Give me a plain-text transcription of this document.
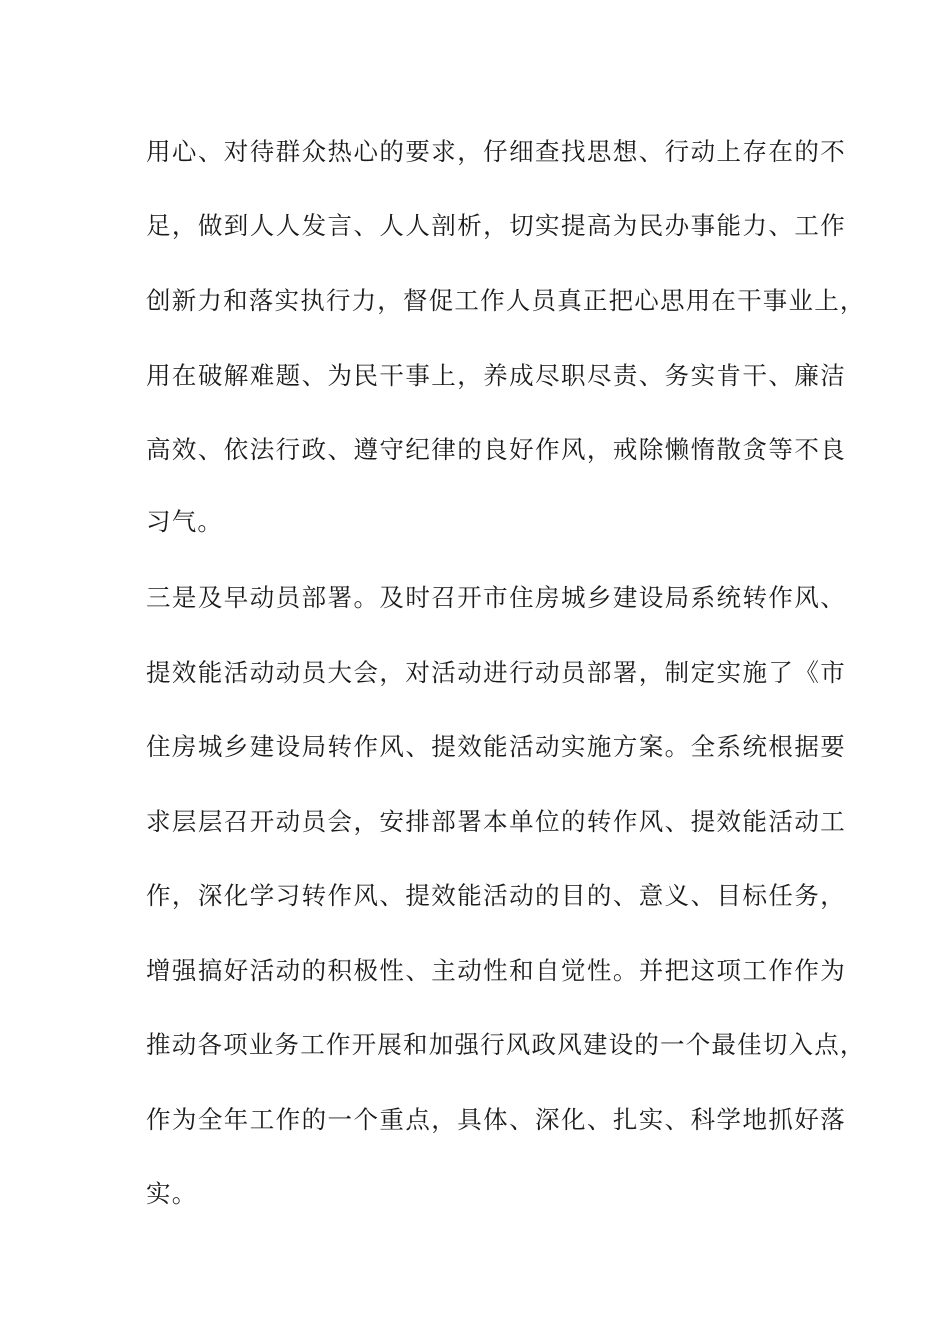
用心、对待群众热心的要求，仔细查找思想、行动上存在的不
足，做到人人发言、人人剖析，切实提高为民办事能力、工作
创新力和落实执行力，督促工作人员真正把心思用在干事业上，
用在破解难题、为民干事上，养成尽职尽责、务实肯干、廉洁
高效、依法行政、遵守纪律的良好作风，戒除懒惰散贪等不良
习气。
三是及早动员部署。及时召开市住房城乡建设局系统转作风、
提效能活动动员大会，对活动进行动员部署，制定实施了《市
住房城乡建设局转作风、提效能活动实施方案。全系统根据要
求层层召开动员会，安排部署本单位的转作风、提效能活动工
作，深化学习转作风、提效能活动的目的、意义、目标任务，
增强搞好活动的积极性、主动性和自觉性。并把这项工作作为
推动各项业务工作开展和加强行风政风建设的一个最佳切入点，
作为全年工作的一个重点，具体、深化、扎实、科学地抓好落
实。
